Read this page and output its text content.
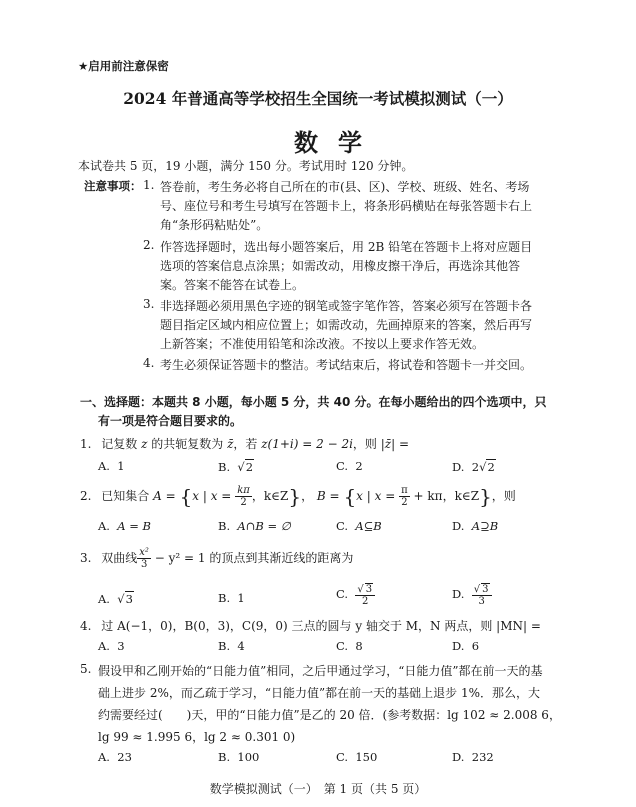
★启用前注意保密
2024 年普通高等学校招生全国统一考试模拟测试（一）
数学
本试卷共 5 页，19 小题，满分 150 分。考试用时 120 分钟。
注意事项： 1. 答卷前，考生务必将自己所在的市(县、区)、学校、班级、姓名、考场
号、座位号和考生号填写在答题卡上，将条形码横贴在每张答题卡右上
角“条形码粘贴处”。
2. 作答选择题时，选出每小题答案后，用 2B 铅笔在答题卡上将对应题目
选项的答案信息点涂黑；如需改动，用橡皮擦干净后，再选涂其他答
案。答案不能答在试卷上。
3. 非选择题必须用黑色字迹的钢笔或签字笔作答，答案必须写在答题卡各
题目指定区域内相应位置上；如需改动，先画掉原来的答案，然后再写
上新答案；不准使用铅笔和涂改液。不按以上要求作答无效。
4. 考生必须保证答题卡的整洁。考试结束后，将试卷和答题卡一并交回。
一、选择题：本题共 8 小题，每小题 5 分，共 40 分。在每小题给出的四个选项中，只
有一项是符合题目要求的。
1. 记复数 z 的共轭复数为 z̄，若 z(1+i) = 2 − 2i，则 |z̄| =
A. 1	B. √2	C. 2	D.  2√2
2. 已知集合 A = {x | $x = \frac{k\pi}{2}$ ，k∈Z}， B = {x | $x = \frac{\pi}{2} + k\pi$，k∈Z}，则
A. A = B	B. A∩B = ∅	C. A⊆B	D. A⊇B
3. 双曲线 $\frac{\text{x²}}{3} - y^2 = 1$ 的顶点到其渐近线的距离为
A. √3	B. 1	C. $\frac{√ 3}{2}$	D. $\frac{√ 3}{3}$
4. 过 A(−1，0)，B(0，3)，C(9，0) 三点的圆与 y 轴交于 M，N 两点，则 |MN| =
A. 3	B. 4	C. 8	D. 6
5. 假设甲和乙刚开始的“日能力值”相同，之后甲通过学习，“日能力值”都在前一天的基
础上进步 2%，而乙疏于学习，“日能力值”都在前一天的基础上退步 1%．那么，大
约需要经过(　　)天，甲的“日能力值”是乙的 20 倍．(参考数据：lg 102 ≈ 2.008 6，
lg 99 ≈ 1.995 6，lg 2 ≈ 0.301 0)
A. 23	B. 100	C. 150	D. 232
数学模拟测试（一）　第 1 页（共 5 页）
